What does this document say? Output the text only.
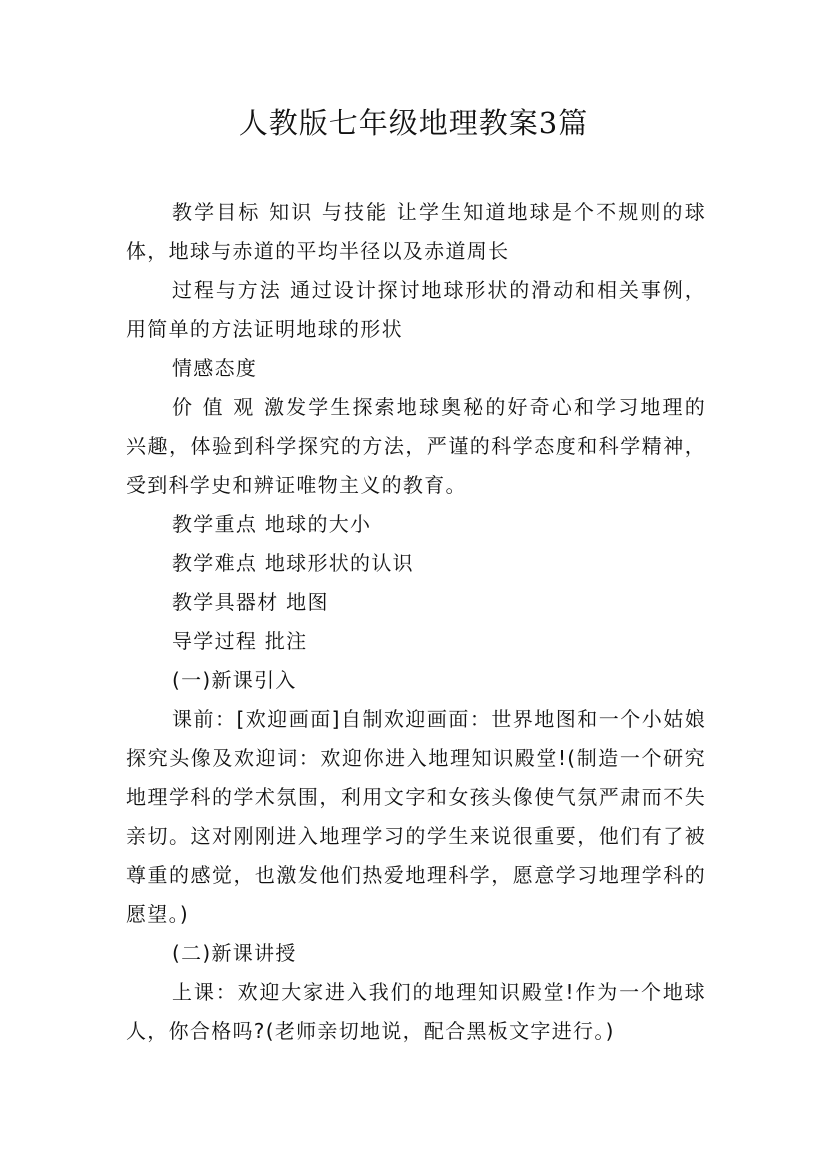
人教版七年级地理教案3篇

教学目标 知识 与技能 让学生知道地球是个不规则的球体，地球与赤道的平均半径以及赤道周长

过程与方法 通过设计探讨地球形状的滑动和相关事例，用简单的方法证明地球的形状

情感态度

价 值 观 激发学生探索地球奥秘的好奇心和学习地理的兴趣，体验到科学探究的方法，严谨的科学态度和科学精神，受到科学史和辨证唯物主义的教育。

教学重点 地球的大小

教学难点 地球形状的认识

教学具器材 地图

导学过程 批注

(一)新课引入

课前：[欢迎画面]自制欢迎画面：世界地图和一个小姑娘探究头像及欢迎词：欢迎你进入地理知识殿堂!(制造一个研究地理学科的学术氛围，利用文字和女孩头像使气氛严肃而不失亲切。这对刚刚进入地理学习的学生来说很重要，他们有了被尊重的感觉，也激发他们热爱地理科学，愿意学习地理学科的愿望。)

(二)新课讲授

上课：欢迎大家进入我们的地理知识殿堂!作为一个地球人，你合格吗?(老师亲切地说，配合黑板文字进行。)
